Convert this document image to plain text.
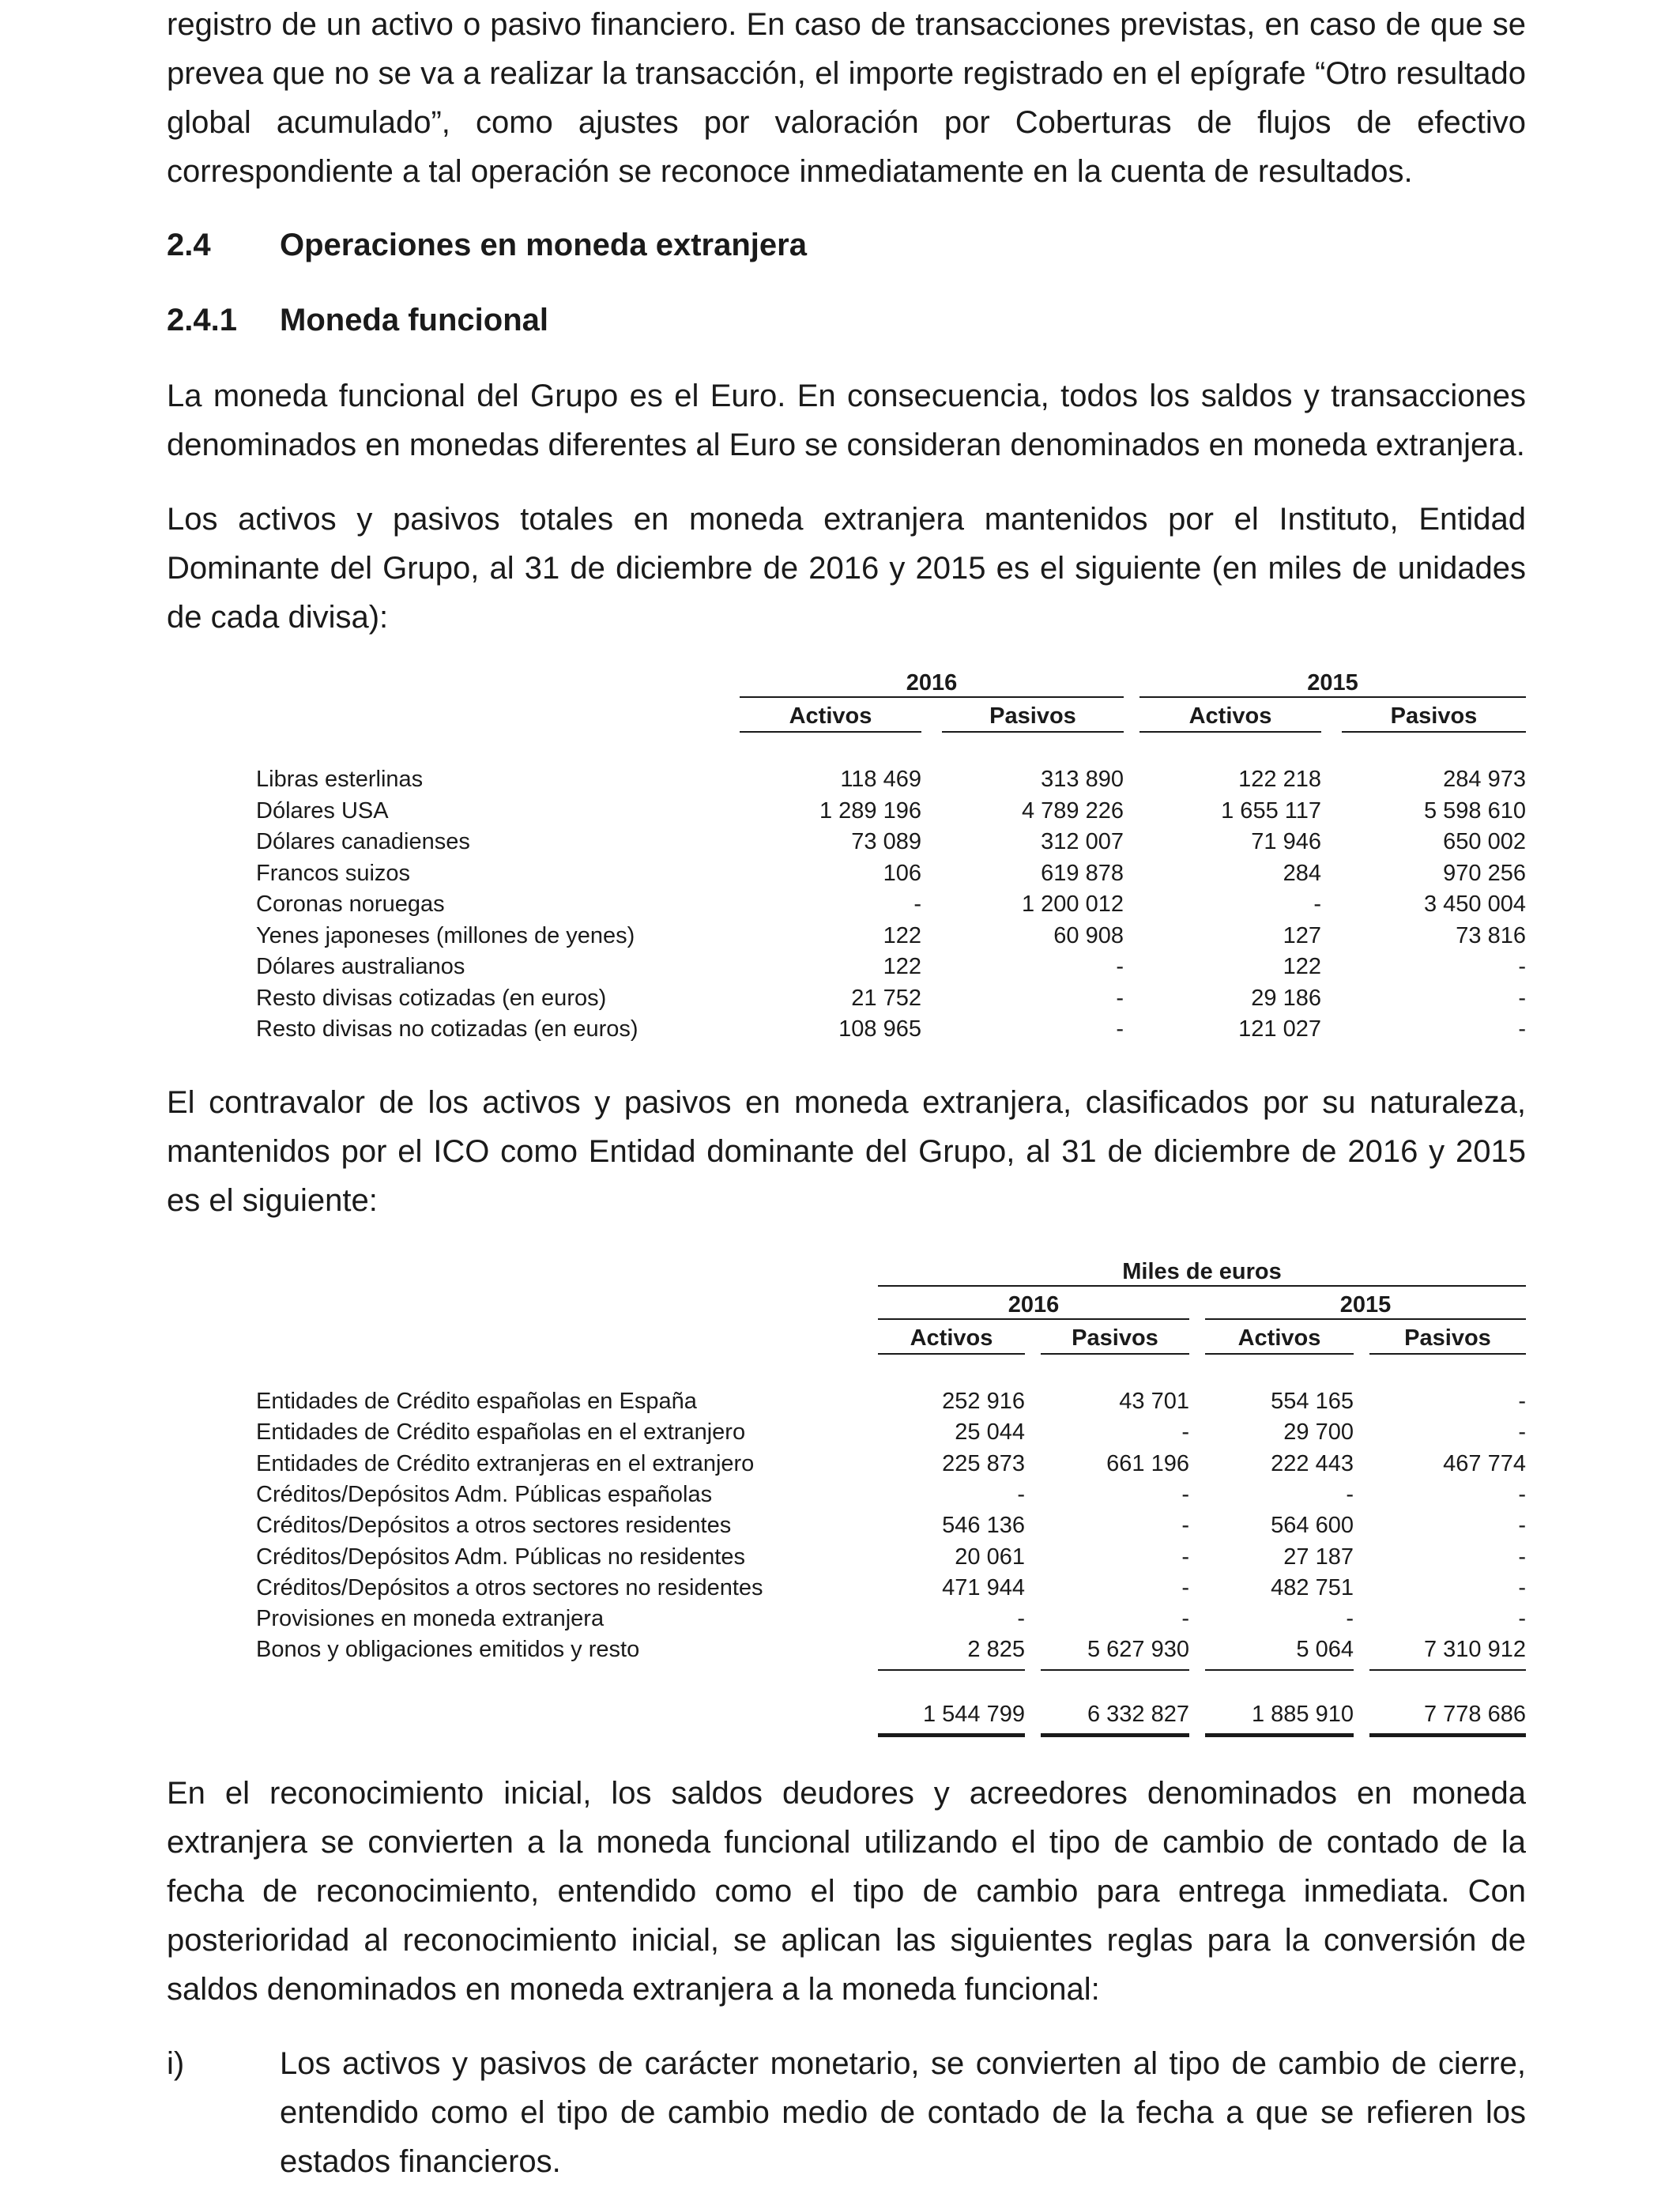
registro de un activo o pasivo financiero. En caso de transacciones previstas, en caso de que se prevea que no se va a realizar la transacción, el importe registrado en el epígrafe “Otro resultado global acumulado”, como ajustes por valoración por Coberturas de flujos de efectivo correspondiente a tal operación se reconoce inmediatamente en la cuenta de resultados.

2.4 Operaciones en moneda extranjera
2.4.1 Moneda funcional

La moneda funcional del Grupo es el Euro. En consecuencia, todos los saldos y transacciones denominados en monedas diferentes al Euro se consideran denominados en moneda extranjera.

Los activos y pasivos totales en moneda extranjera mantenidos por el Instituto, Entidad Dominante del Grupo, al 31 de diciembre de 2016 y 2015 es el siguiente (en miles de unidades de cada divisa):

2016	2015
Activos	Pasivos	Activos	Pasivos
Libras esterlinas	118 469	313 890	122 218	284 973
Dólares USA	1 289 196	4 789 226	1 655 117	5 598 610
Dólares canadienses	73 089	312 007	71 946	650 002
Francos suizos	106	619 878	284	970 256
Coronas noruegas	-	1 200 012	-	3 450 004
Yenes japoneses (millones de yenes)	122	60 908	127	73 816
Dólares australianos	122	-	122	-
Resto divisas cotizadas (en euros)	21 752	-	29 186	-
Resto divisas no cotizadas (en euros)	108 965	-	121 027	-

El contravalor de los activos y pasivos en moneda extranjera, clasificados por su naturaleza, mantenidos por el ICO como Entidad dominante del Grupo, al 31 de diciembre de 2016 y 2015 es el siguiente:

Miles de euros
2016	2015
Activos	Pasivos	Activos	Pasivos
Entidades de Crédito españolas en España	252 916	43 701	554 165	-
Entidades de Crédito españolas en el extranjero	25 044	-	29 700	-
Entidades de Crédito extranjeras en el extranjero	225 873	661 196	222 443	467 774
Créditos/Depósitos Adm. Públicas españolas	-	-	-	-
Créditos/Depósitos a otros sectores residentes	546 136	-	564 600	-
Créditos/Depósitos Adm. Públicas no residentes	20 061	-	27 187	-
Créditos/Depósitos a otros sectores no residentes	471 944	-	482 751	-
Provisiones en moneda extranjera	-	-	-	-
Bonos y obligaciones emitidos y resto	2 825	5 627 930	5 064	7 310 912
1 544 799	6 332 827	1 885 910	7 778 686

En el reconocimiento inicial, los saldos deudores y acreedores denominados en moneda extranjera se convierten a la moneda funcional utilizando el tipo de cambio de contado de la fecha de reconocimiento, entendido como el tipo de cambio para entrega inmediata. Con posterioridad al reconocimiento inicial, se aplican las siguientes reglas para la conversión de saldos denominados en moneda extranjera a la moneda funcional:

i)	Los activos y pasivos de carácter monetario, se convierten al tipo de cambio de cierre, entendido como el tipo de cambio medio de contado de la fecha a que se refieren los estados financieros.
